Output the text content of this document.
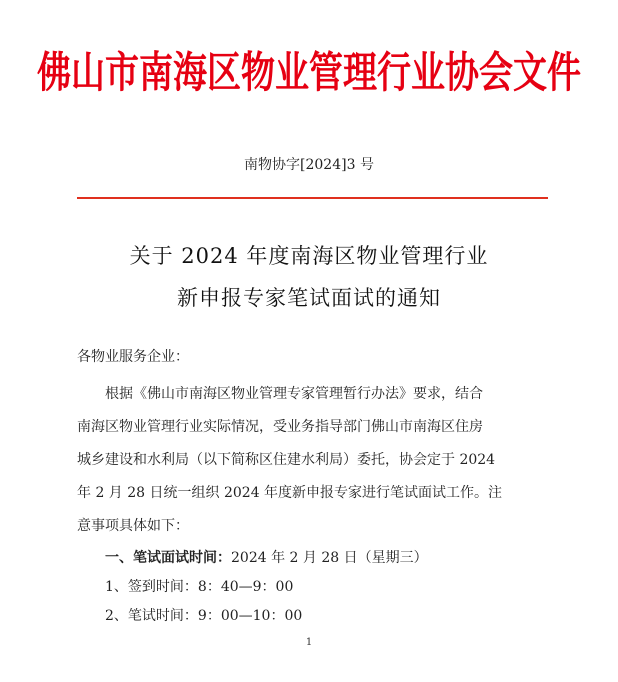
佛山市南海区物业管理行业协会文件
南物协字[2024]3 号
关于 2024 年度南海区物业管理行业
新申报专家笔试面试的通知
各物业服务企业：
根据《佛山市南海区物业管理专家管理暂行办法》要求，结合
南海区物业管理行业实际情况，受业务指导部门佛山市南海区住房
城乡建设和水利局（以下简称区住建水利局）委托，协会定于 2024
年 2 月 28 日统一组织 2024 年度新申报专家进行笔试面试工作。注
意事项具体如下：
一、笔试面试时间：2024 年 2 月 28 日（星期三）
1、签到时间：8：40—9：00
2、笔试时间：9：00—10：00
1
